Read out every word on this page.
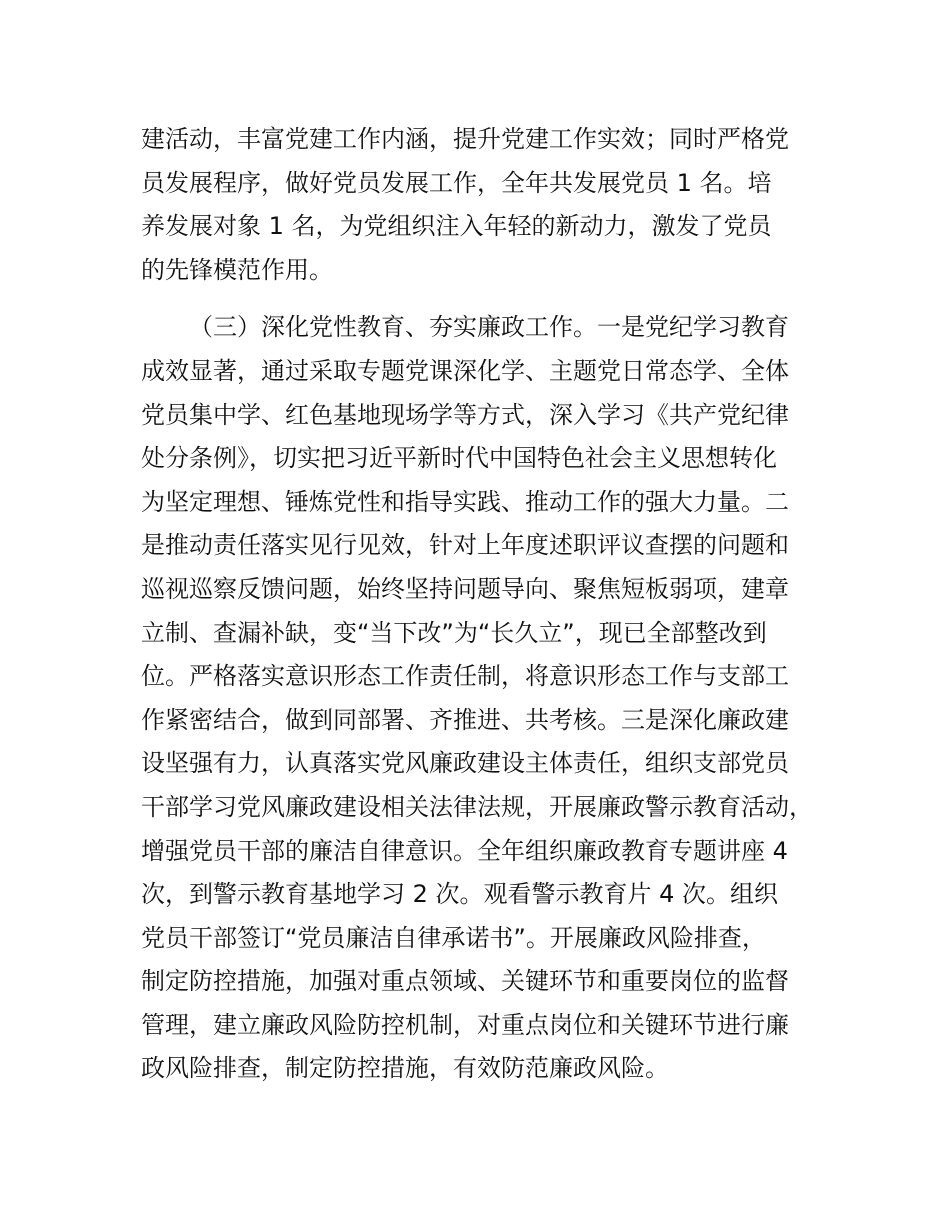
建活动，丰富党建工作内涵，提升党建工作实效；同时严格党
员发展程序，做好党员发展工作，全年共发展党员 1 名。培
养发展对象 1 名，为党组织注入年轻的新动力，激发了党员
的先锋模范作用。
（三）深化党性教育、夯实廉政工作。一是党纪学习教育
成效显著，通过采取专题党课深化学、主题党日常态学、全体
党员集中学、红色基地现场学等方式，深入学习《共产党纪律
处分条例》，切实把习近平新时代中国特色社会主义思想转化
为坚定理想、锤炼党性和指导实践、推动工作的强大力量。二
是推动责任落实见行见效，针对上年度述职评议查摆的问题和
巡视巡察反馈问题，始终坚持问题导向、聚焦短板弱项，建章
立制、查漏补缺，变“当下改”为“长久立”，现已全部整改到
位。严格落实意识形态工作责任制，将意识形态工作与支部工
作紧密结合，做到同部署、齐推进、共考核。三是深化廉政建
设坚强有力，认真落实党风廉政建设主体责任，组织支部党员
干部学习党风廉政建设相关法律法规，开展廉政警示教育活动，
增强党员干部的廉洁自律意识。全年组织廉政教育专题讲座 4
次，到警示教育基地学习 2 次。观看警示教育片 4 次。组织
党员干部签订“党员廉洁自律承诺书”。开展廉政风险排查，
制定防控措施，加强对重点领域、关键环节和重要岗位的监督
管理，建立廉政风险防控机制，对重点岗位和关键环节进行廉
政风险排查，制定防控措施，有效防范廉政风险。
